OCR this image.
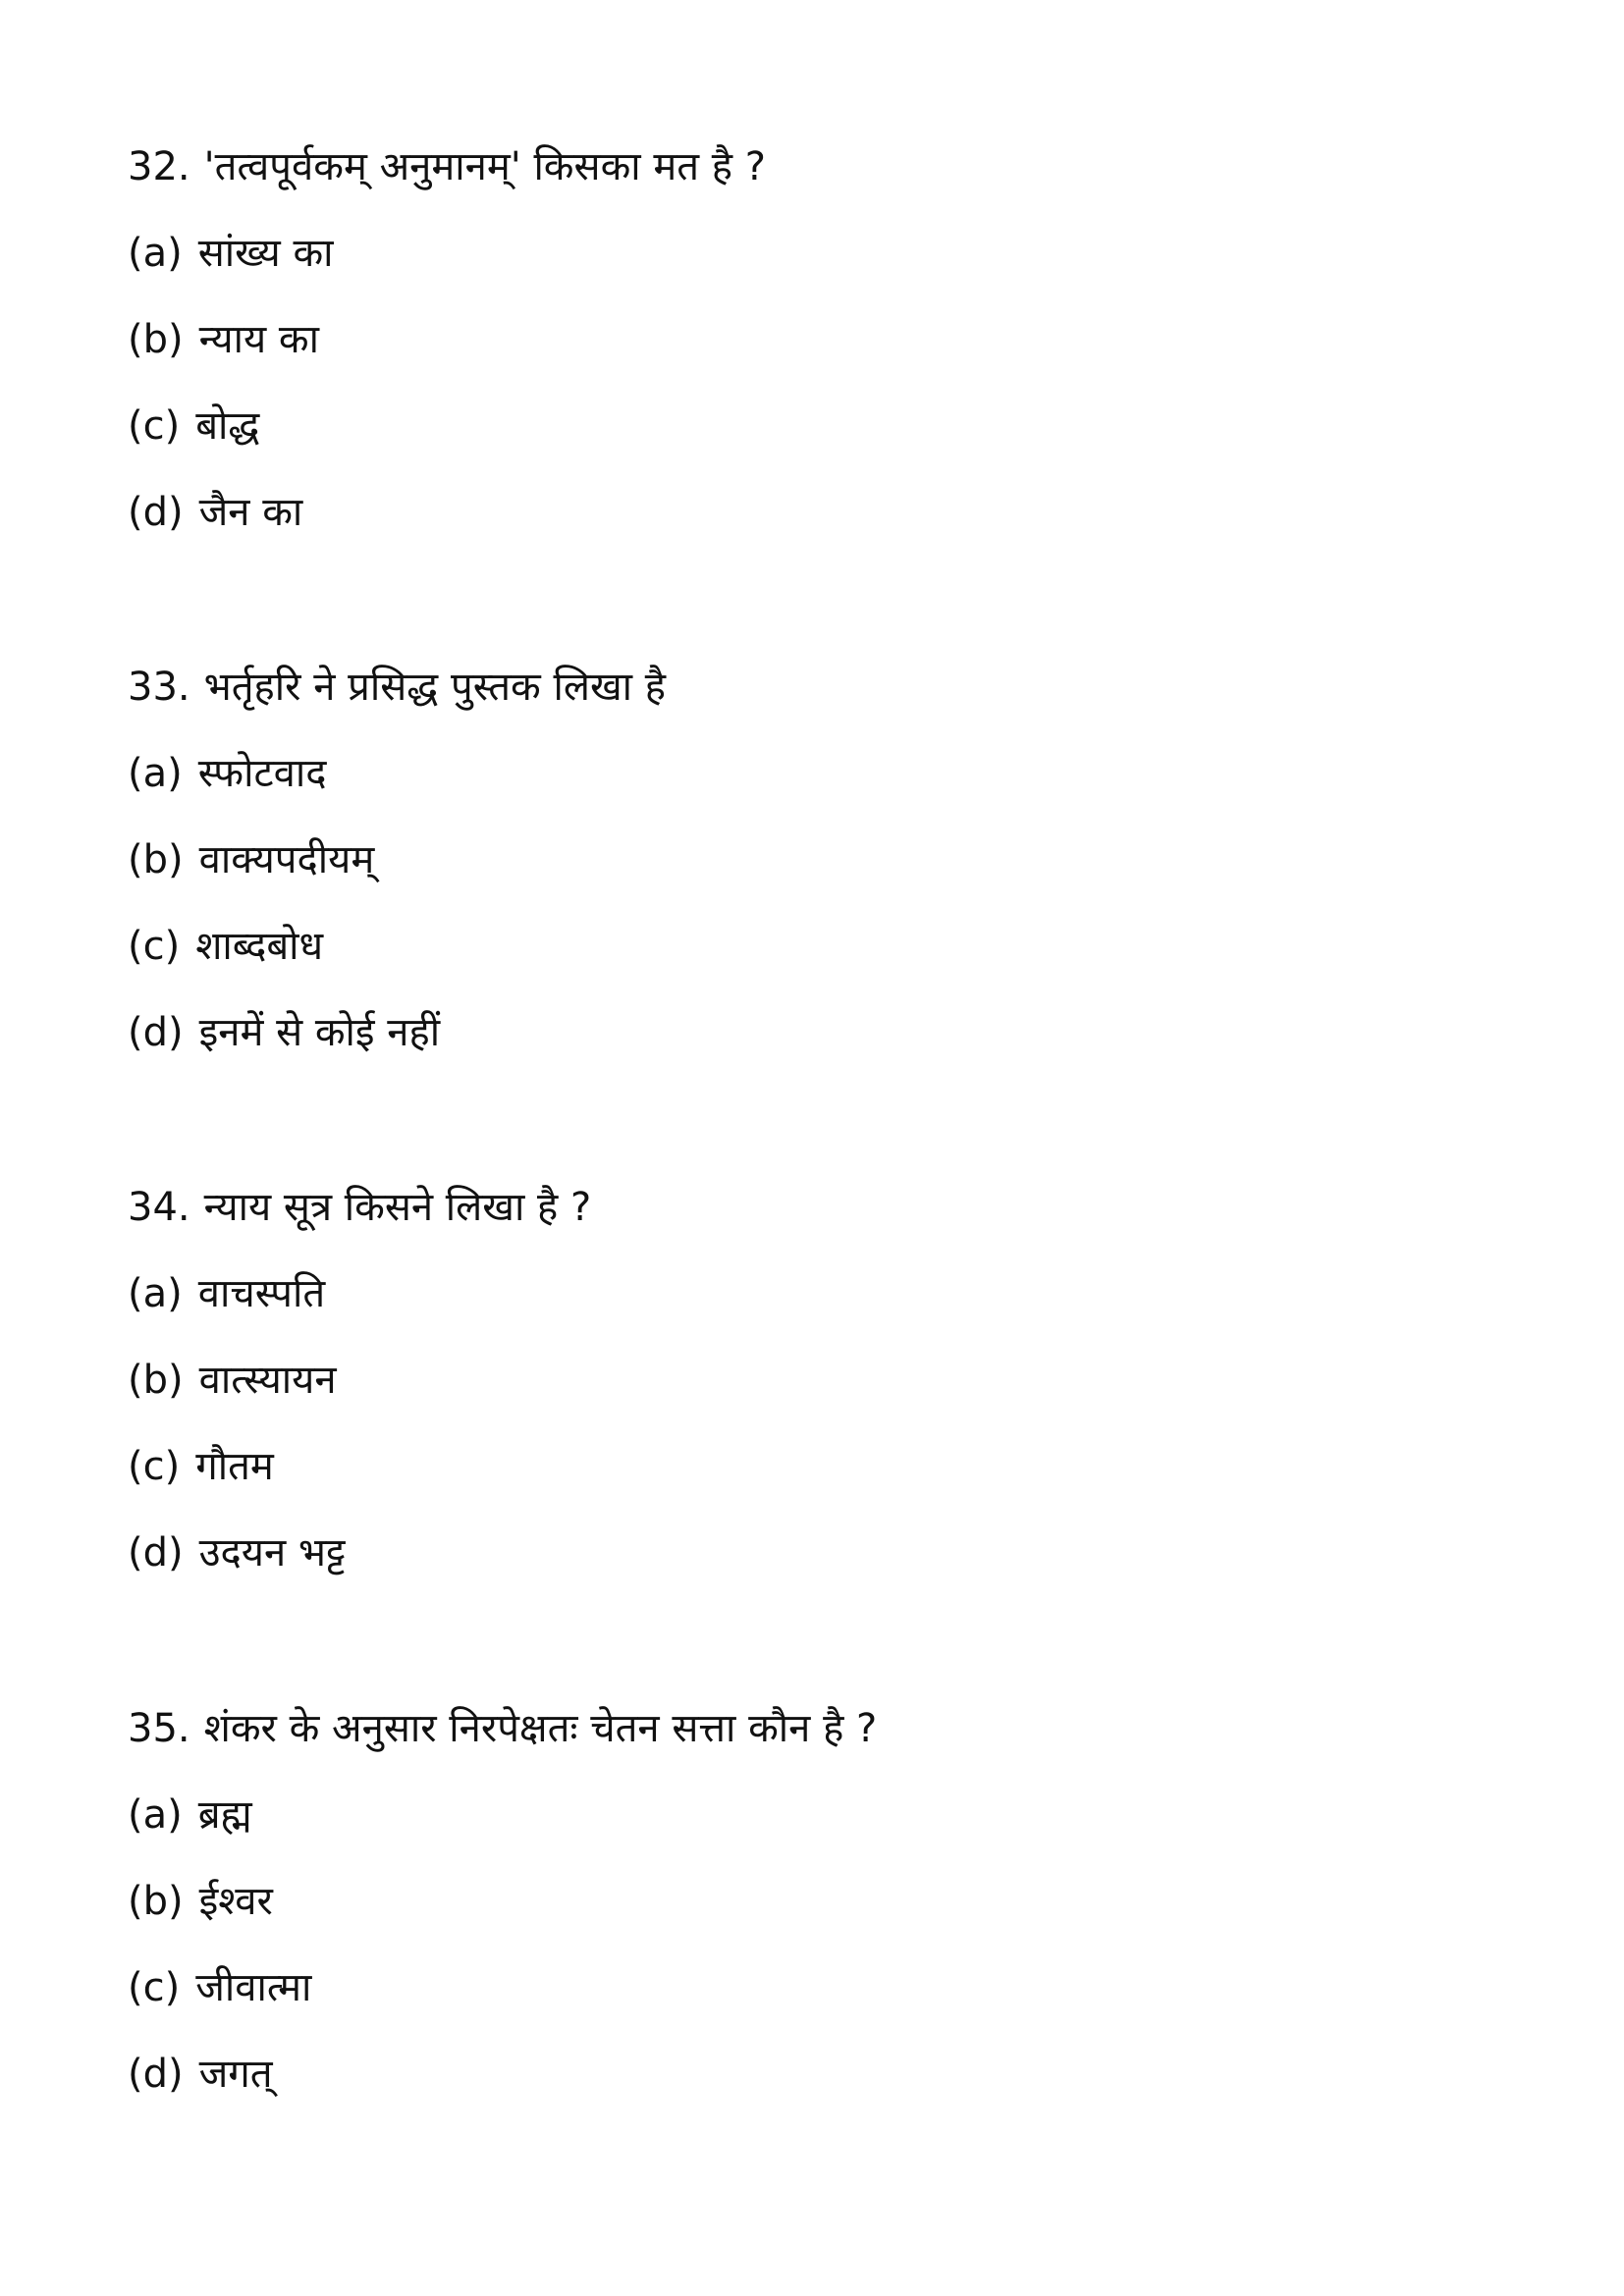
32. 'तत्वपूर्वकम् अनुमानम्' किसका मत है ?

(a) सांख्य का
(b) न्याय का
(c) बोद्ध
(d) जैन का

33. भर्तृहरि ने प्रसिद्ध पुस्तक लिखा है

(a) स्फोटवाद
(b) वाक्यपदीयम्
(c) शाब्दबोध
(d) इनमें से कोई नहीं

34. न्याय सूत्र किसने लिखा है ?

(a) वाचस्पति
(b) वात्स्यायन
(c) गौतम
(d) उदयन भट्ट

35. शंकर के अनुसार निरपेक्षतः चेतन सत्ता कौन है ?

(a) ब्रह्म
(b) ईश्वर
(c) जीवात्मा
(d) जगत्
